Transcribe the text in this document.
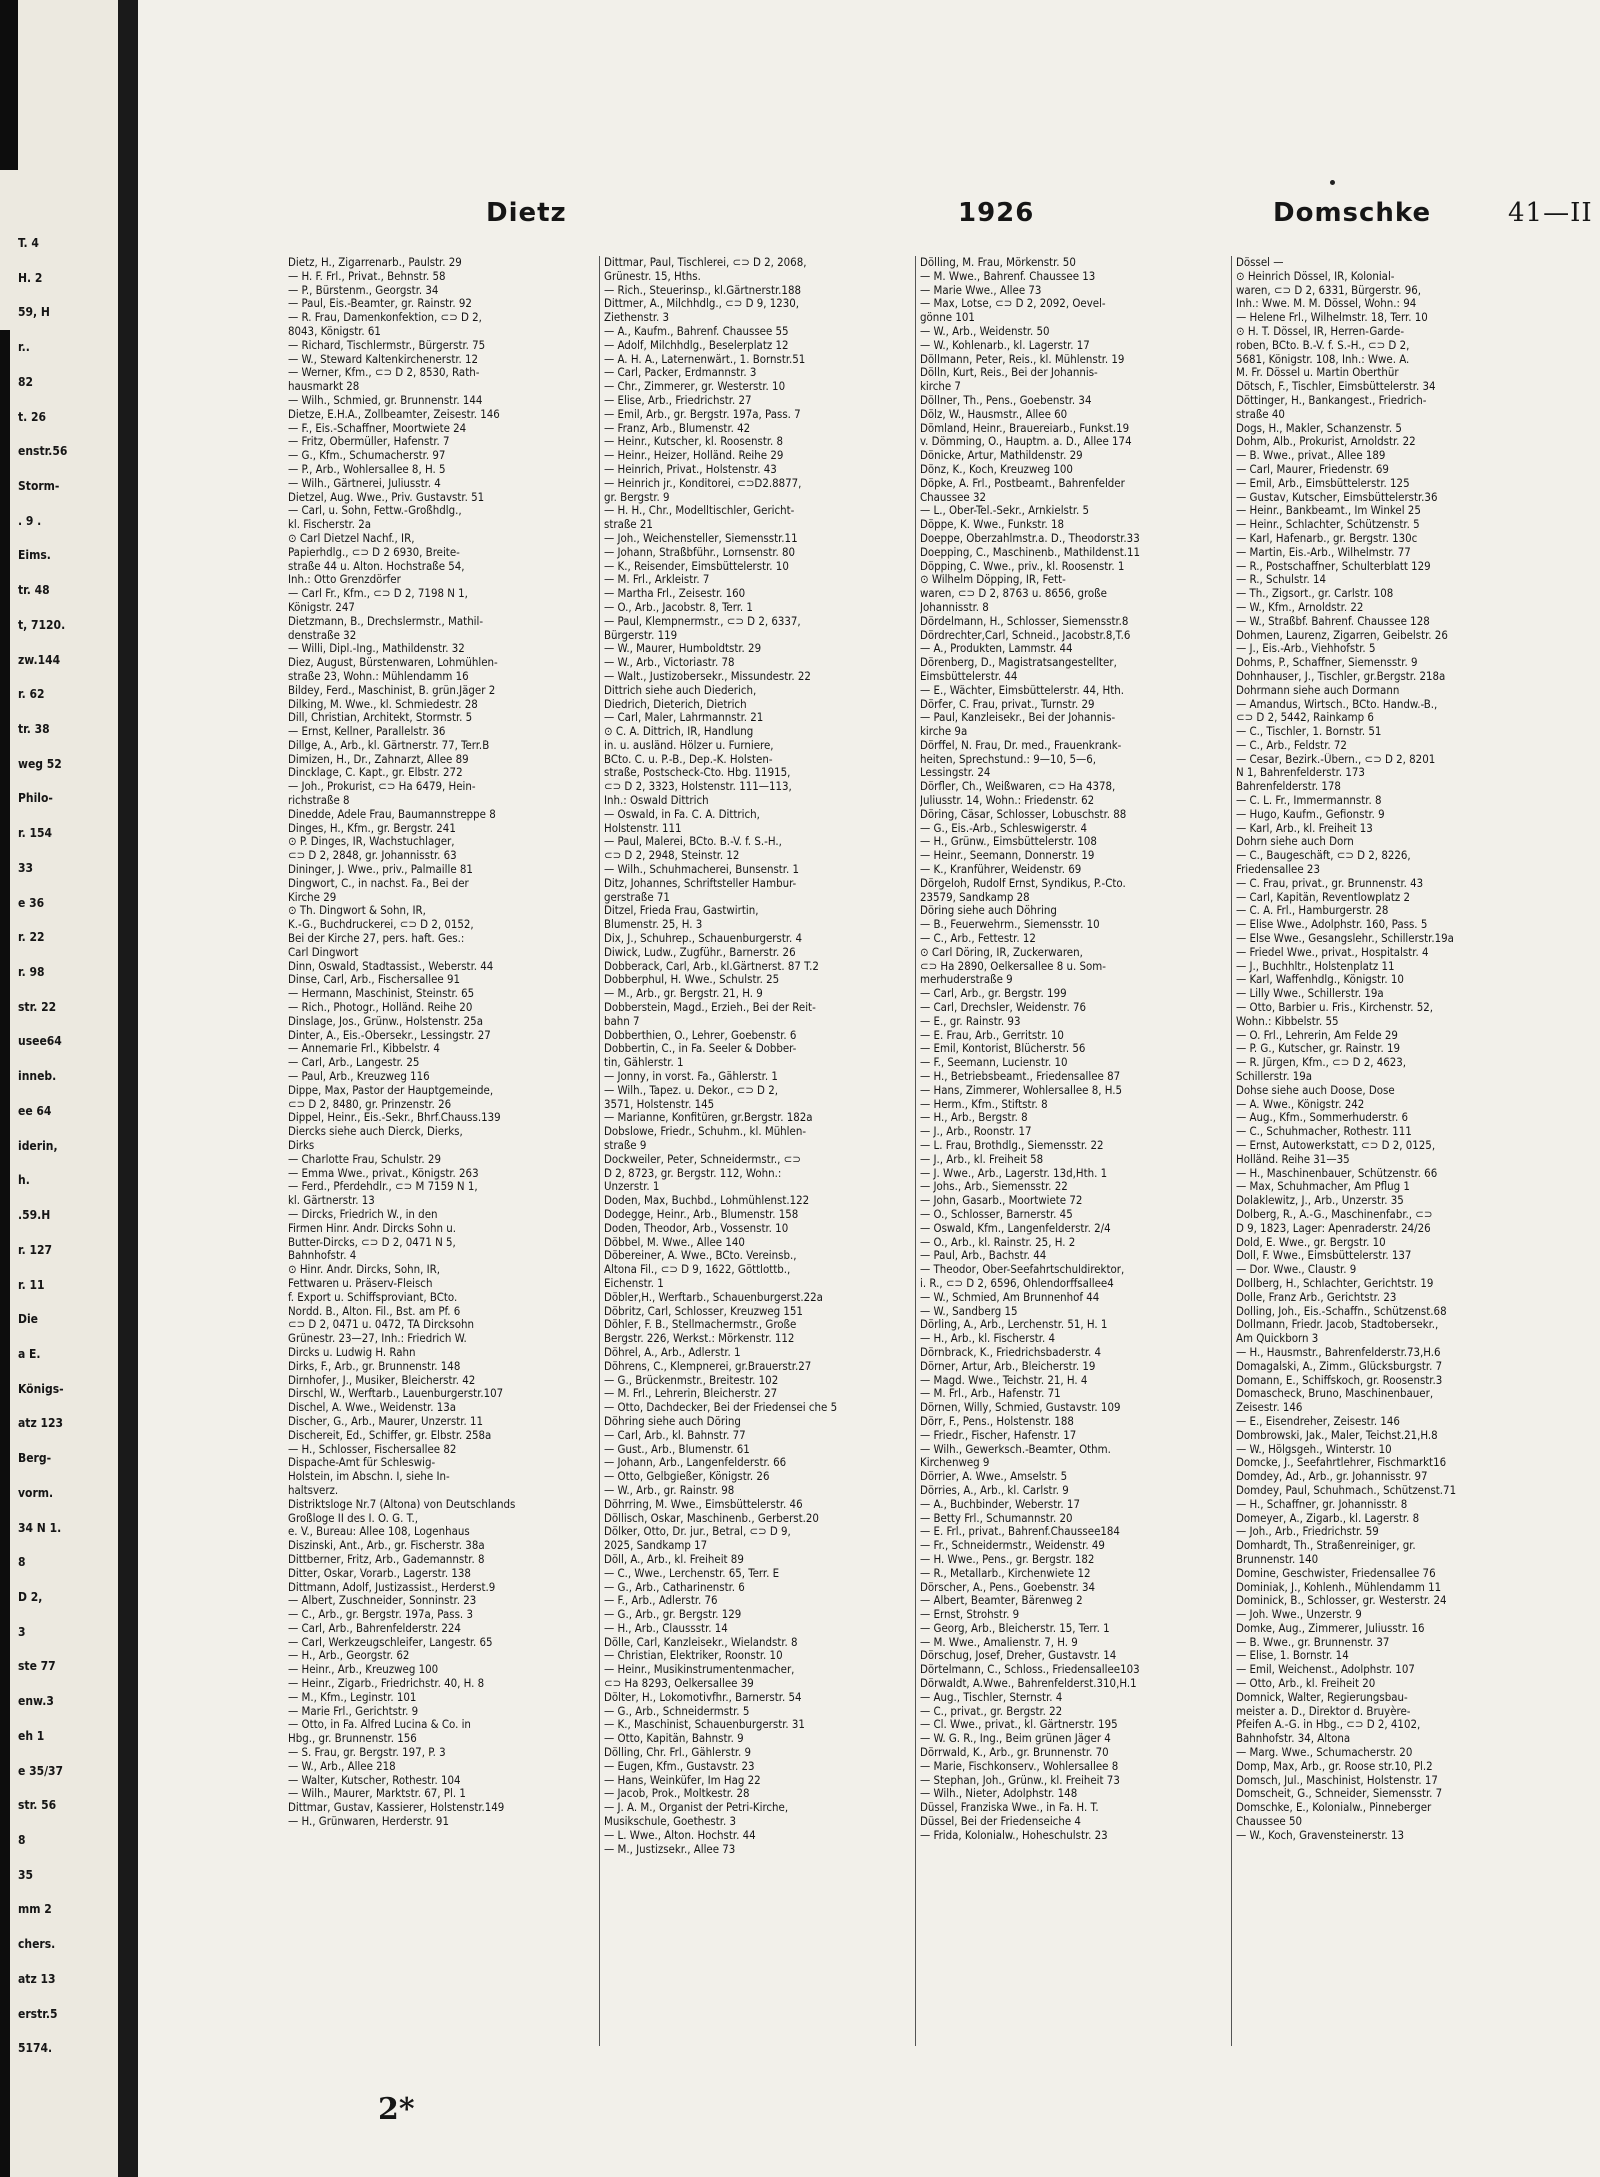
T. 4
H. 2
59, H
r..
82
t. 26
enstr.56
Storm-
. 9 .
Eims.
tr. 48
t, 7120.
zw.144
r. 62
tr. 38
weg 52
Philo-
r. 154
33
e 36
r. 22
r. 98
str. 22
usee64
inneb.
ee 64
iderin,
h.
.59.H
r. 127
r. 11
Die
a E.
Königs-
atz 123
Berg-
vorm.
34 N 1.
8
D 2,
3
ste 77
enw.3
eh 1
e 35/37
str. 56
8
35
mm 2
chers.
atz 13
erstr.5
5174.
Dietz	1926	Domschke	41—II
Dietz, H., Zigarrenarb., Paulstr. 29
— H. F. Frl., Privat., Behnstr. 58
— P., Bürstenm., Georgstr. 34
— Paul, Eis.-Beamter, gr. Rainstr. 92
— R. Frau, Damenkonfektion, ⊂⊃ D 2,
8043, Königstr. 61
— Richard, Tischlermstr., Bürgerstr. 75
— W., Steward Kaltenkirchenerstr. 12
— Werner, Kfm., ⊂⊃ D 2, 8530, Rath-
hausmarkt 28
— Wilh., Schmied, gr. Brunnenstr. 144
Dietze, E.H.A., Zollbeamter, Zeisestr. 146
— F., Eis.-Schaffner, Moortwiete 24
— Fritz, Obermüller, Hafenstr. 7
— G., Kfm., Schumacherstr. 97
— P., Arb., Wohlersallee 8, H. 5
— Wilh., Gärtnerei, Juliusstr. 4
Dietzel, Aug. Wwe., Priv. Gustavstr. 51
— Carl, u. Sohn, Fettw.-Großhdlg.,
kl. Fischerstr. 2a
⊙ Carl Dietzel Nachf., IR,
Papierhdlg., ⊂⊃ D 2 6930, Breite-
straße 44 u. Alton. Hochstraße 54,
Inh.: Otto Grenzdörfer
— Carl Fr., Kfm., ⊂⊃ D 2, 7198 N 1,
Königstr. 247
Dietzmann, B., Drechslermstr., Mathil-
denstraße 32
— Willi, Dipl.-Ing., Mathildenstr. 32
Diez, August, Bürstenwaren, Lohmühlen-
straße 23, Wohn.: Mühlendamm 16
Bildey, Ferd., Maschinist, B. grün.Jäger 2
Dilking, M. Wwe., kl. Schmiedestr. 28
Dill, Christian, Architekt, Stormstr. 5
— Ernst, Kellner, Parallelstr. 36
Dillge, A., Arb., kl. Gärtnerstr. 77, Terr.B
Dimizen, H., Dr., Zahnarzt, Allee 89
Dincklage, C. Kapt., gr. Elbstr. 272
— Joh., Prokurist, ⊂⊃ Ha 6479, Hein-
richstraße 8
Dinedde, Adele Frau, Baumannstreppe 8
Dinges, H., Kfm., gr. Bergstr. 241
⊙ P. Dinges, IR, Wachstuchlager,
⊂⊃ D 2, 2848, gr. Johannisstr. 63
Dininger, J. Wwe., priv., Palmaille 81
Dingwort, C., in nachst. Fa., Bei der
Kirche 29
⊙ Th. Dingwort & Sohn, IR,
K.-G., Buchdruckerei, ⊂⊃ D 2, 0152,
Bei der Kirche 27, pers. haft. Ges.:
Carl Dingwort
Dinn, Oswald, Stadtassist., Weberstr. 44
Dinse, Carl, Arb., Fischersallee 91
— Hermann, Maschinist, Steinstr. 65
— Rich., Photogr., Holländ. Reihe 20
Dinslage, Jos., Grünw., Holstenstr. 25a
Dinter, A., Eis.-Obersekr., Lessingstr. 27
— Annemarie Frl., Kibbelstr. 4
— Carl, Arb., Langestr. 25
— Paul, Arb., Kreuzweg 116
Dippe, Max, Pastor der Hauptgemeinde,
⊂⊃ D 2, 8480, gr. Prinzenstr. 26
Dippel, Heinr., Eis.-Sekr., Bhrf.Chauss.139
Diercks siehe auch Dierck, Dierks,
Dirks
— Charlotte Frau, Schulstr. 29
— Emma Wwe., privat., Königstr. 263
— Ferd., Pferdehdlr., ⊂⊃ M 7159 N 1,
kl. Gärtnerstr. 13
— Dircks, Friedrich W., in den
Firmen Hinr. Andr. Dircks Sohn u.
Butter-Dircks, ⊂⊃ D 2, 0471 N 5,
Bahnhofstr. 4
⊙ Hinr. Andr. Dircks, Sohn, IR,
Fettwaren u. Präserv-Fleisch
f. Export u. Schiffsproviant, BCto.
Nordd. B., Alton. Fil., Bst. am Pf. 6
⊂⊃ D 2, 0471 u. 0472, TA Dircksohn
Grünestr. 23—27, Inh.: Friedrich W.
Dircks u. Ludwig H. Rahn
Dirks, F., Arb., gr. Brunnenstr. 148
Dirnhofer, J., Musiker, Bleicherstr. 42
Dirschl, W., Werftarb., Lauenburgerstr.107
Dischel, A. Wwe., Weidenstr. 13a
Discher, G., Arb., Maurer, Unzerstr. 11
Dischereit, Ed., Schiffer, gr. Elbstr. 258a
— H., Schlosser, Fischersallee 82
Dispache-Amt für Schleswig-
Holstein, im Abschn. I, siehe In-
haltsverz.
Distriktsloge Nr.7 (Altona) von Deutschlands
Großloge II des I. O. G. T.,
e. V., Bureau: Allee 108, Logenhaus
Diszinski, Ant., Arb., gr. Fischerstr. 38a
Dittberner, Fritz, Arb., Gademannstr. 8
Ditter, Oskar, Vorarb., Lagerstr. 138
Dittmann, Adolf, Justizassist., Herderst.9
— Albert, Zuschneider, Sonninstr. 23
— C., Arb., gr. Bergstr. 197a, Pass. 3
— Carl, Arb., Bahrenfelderstr. 224
— Carl, Werkzeugschleifer, Langestr. 65
— H., Arb., Georgstr. 62
— Heinr., Arb., Kreuzweg 100
— Heinr., Zigarb., Friedrichstr. 40, H. 8
— M., Kfm., Leginstr. 101
— Marie Frl., Gerichtstr. 9
— Otto, in Fa. Alfred Lucina & Co. in
Hbg., gr. Brunnenstr. 156
— S. Frau, gr. Bergstr. 197, P. 3
— W., Arb., Allee 218
— Walter, Kutscher, Rothestr. 104
— Wilh., Maurer, Marktstr. 67, Pl. 1
Dittmar, Gustav, Kassierer, Holstenstr.149
— H., Grünwaren, Herderstr. 91
Dittmar, Paul, Tischlerei, ⊂⊃ D 2, 2068,
Grünestr. 15, Hths.
— Rich., Steuerinsp., kl.Gärtnerstr.188
Dittmer, A., Milchhdlg., ⊂⊃ D 9, 1230,
Ziethenstr. 3
— A., Kaufm., Bahrenf. Chaussee 55
— Adolf, Milchhdlg., Beselerplatz 12
— A. H. A., Laternenwärt., 1. Bornstr.51
— Carl, Packer, Erdmannstr. 3
— Chr., Zimmerer, gr. Westerstr. 10
— Elise, Arb., Friedrichstr. 27
— Emil, Arb., gr. Bergstr. 197a, Pass. 7
— Franz, Arb., Blumenstr. 42
— Heinr., Kutscher, kl. Roosenstr. 8
— Heinr., Heizer, Holländ. Reihe 29
— Heinrich, Privat., Holstenstr. 43
— Heinrich jr., Konditorei, ⊂⊃D2.8877,
gr. Bergstr. 9
— H. H., Chr., Modelltischler, Gericht-
straße 21
— Joh., Weichensteller, Siemensstr.11
— Johann, Straßbführ., Lornsenstr. 80
— K., Reisender, Eimsbüttelerstr. 10
— M. Frl., Arkleistr. 7
— Martha Frl., Zeisestr. 160
— O., Arb., Jacobstr. 8, Terr. 1
— Paul, Klempnermstr., ⊂⊃ D 2, 6337,
Bürgerstr. 119
— W., Maurer, Humboldtstr. 29
— W., Arb., Victoriastr. 78
— Walt., Justizobersekr., Missundestr. 22
Dittrich siehe auch Diederich,
Diedrich, Dieterich, Dietrich
— Carl, Maler, Lahrmannstr. 21
⊙ C. A. Dittrich, IR, Handlung
in. u. ausländ. Hölzer u. Furniere,
BCto. C. u. P.-B., Dep.-K. Holsten-
straße, Postscheck-Cto. Hbg. 11915,
⊂⊃ D 2, 3323, Holstenstr. 111—113,
Inh.: Oswald Dittrich
— Oswald, in Fa. C. A. Dittrich,
Holstenstr. 111
— Paul, Malerei, BCto. B.-V. f. S.-H.,
⊂⊃ D 2, 2948, Steinstr. 12
— Wilh., Schuhmacherei, Bunsenstr. 1
Ditz, Johannes, Schriftsteller Hambur-
gerstraße 71
Ditzel, Frieda Frau, Gastwirtin,
Blumenstr. 25, H. 3
Dix, J., Schuhrep., Schauenburgerstr. 4
Diwick, Ludw., Zugführ., Barnerstr. 26
Dobberack, Carl, Arb., kl.Gärtnerst. 87 T.2
Dobberphul, H. Wwe., Schulstr. 25
— M., Arb., gr. Bergstr. 21, H. 9
Dobberstein, Magd., Erzieh., Bei der Reit-
bahn 7
Dobberthien, O., Lehrer, Goebenstr. 6
Dobbertin, C., in Fa. Seeler & Dobber-
tin, Gählerstr. 1
— Jonny, in vorst. Fa., Gählerstr. 1
— Wilh., Tapez. u. Dekor., ⊂⊃ D 2,
3571, Holstenstr. 145
— Marianne, Konfitüren, gr.Bergstr. 182a
Dobslowe, Friedr., Schuhm., kl. Mühlen-
straße 9
Dockweiler, Peter, Schneidermstr., ⊂⊃
D 2, 8723, gr. Bergstr. 112, Wohn.:
Unzerstr. 1
Doden, Max, Buchbd., Lohmühlenst.122
Dodegge, Heinr., Arb., Blumenstr. 158
Doden, Theodor, Arb., Vossenstr. 10
Döbbel, M. Wwe., Allee 140
Döbereiner, A. Wwe., BCto. Vereinsb.,
Altona Fil., ⊂⊃ D 9, 1622, Göttlottb.,
Eichenstr. 1
Döbler,H., Werftarb., Schauenburgerst.22a
Döbritz, Carl, Schlosser, Kreuzweg 151
Döhler, F. B., Stellmachermstr., Große
Bergstr. 226, Werkst.: Mörkenstr. 112
Döhrel, A., Arb., Adlerstr. 1
Döhrens, C., Klempnerei, gr.Brauerstr.27
— G., Brückenmstr., Breitestr. 102
— M. Frl., Lehrerin, Bleicherstr. 27
— Otto, Dachdecker, Bei der Friedensei che 5
Döhring siehe auch Döring
— Carl, Arb., kl. Bahnstr. 77
— Gust., Arb., Blumenstr. 61
— Johann, Arb., Langenfelderstr. 66
— Otto, Gelbgießer, Königstr. 26
— W., Arb., gr. Rainstr. 98
Döhrring, M. Wwe., Eimsbüttelerstr. 46
Döllisch, Oskar, Maschinenb., Gerberst.20
Dölker, Otto, Dr. jur., Betral, ⊂⊃ D 9,
2025, Sandkamp 17
Döll, A., Arb., kl. Freiheit 89
— C., Wwe., Lerchenstr. 65, Terr. E
— G., Arb., Catharinenstr. 6
— F., Arb., Adlerstr. 76
— G., Arb., gr. Bergstr. 129
— H., Arb., Claussstr. 14
Dölle, Carl, Kanzleisekr., Wielandstr. 8
— Christian, Elektriker, Roonstr. 10
— Heinr., Musikinstrumentenmacher,
⊂⊃ Ha 8293, Oelkersallee 39
Dölter, H., Lokomotivfhr., Barnerstr. 54
— G., Arb., Schneidermstr. 5
— K., Maschinist, Schauenburgerstr. 31
— Otto, Kapitän, Bahnstr. 9
Dölling, Chr. Frl., Gählerstr. 9
— Eugen, Kfm., Gustavstr. 23
— Hans, Weinküfer, Im Hag 22
— Jacob, Prok., Moltkestr. 28
— J. A. M., Organist der Petri-Kirche,
Musikschule, Goethestr. 3
— L. Wwe., Alton. Hochstr. 44
— M., Justizsekr., Allee 73
Dölling, M. Frau, Mörkenstr. 50
— M. Wwe., Bahrenf. Chaussee 13
— Marie Wwe., Allee 73
— Max, Lotse, ⊂⊃ D 2, 2092, Oevel-
gönne 101
— W., Arb., Weidenstr. 50
— W., Kohlenarb., kl. Lagerstr. 17
Döllmann, Peter, Reis., kl. Mühlenstr. 19
Dölln, Kurt, Reis., Bei der Johannis-
kirche 7
Döllner, Th., Pens., Goebenstr. 34
Dölz, W., Hausmstr., Allee 60
Dömland, Heinr., Brauereiarb., Funkst.19
v. Dömming, O., Hauptm. a. D., Allee 174
Dönicke, Artur, Mathildenstr. 29
Dönz, K., Koch, Kreuzweg 100
Döpke, A. Frl., Postbeamt., Bahrenfelder
Chaussee 32
— L., Ober-Tel.-Sekr., Arnkielstr. 5
Döppe, K. Wwe., Funkstr. 18
Doeppe, Oberzahlmstr.a. D., Theodorstr.33
Doepping, C., Maschinenb., Mathildenst.11
Döpping, C. Wwe., priv., kl. Roosenstr. 1
⊙ Wilhelm Döpping, IR, Fett-
waren, ⊂⊃ D 2, 8763 u. 8656, große
Johannisstr. 8
Dördelmann, H., Schlosser, Siemensstr.8
Dördrechter,Carl, Schneid., Jacobstr.8,T.6
— A., Produkten, Lammstr. 44
Dörenberg, D., Magistratsangestellter,
Eimsbüttelerstr. 44
— E., Wächter, Eimsbüttelerstr. 44, Hth.
Dörfer, C. Frau, privat., Turnstr. 29
— Paul, Kanzleisekr., Bei der Johannis-
kirche 9a
Dörffel, N. Frau, Dr. med., Frauenkrank-
heiten, Sprechstund.: 9—10, 5—6,
Lessingstr. 24
Dörfler, Ch., Weißwaren, ⊂⊃ Ha 4378,
Juliusstr. 14, Wohn.: Friedenstr. 62
Döring, Cäsar, Schlosser, Lobuschstr. 88
— G., Eis.-Arb., Schleswigerstr. 4
— H., Grünw., Eimsbüttelerstr. 108
— Heinr., Seemann, Donnerstr. 19
— K., Kranführer, Weidenstr. 69
Dörgeloh, Rudolf Ernst, Syndikus, P.-Cto.
23579, Sandkamp 28
Döring siehe auch Döhring
— B., Feuerwehrm., Siemensstr. 10
— C., Arb., Fettestr. 12
⊙ Carl Döring, IR, Zuckerwaren,
⊂⊃ Ha 2890, Oelkersallee 8 u. Som-
merhuderstraße 9
— Carl, Arb., gr. Bergstr. 199
— Carl, Drechsler, Weidenstr. 76
— E., gr. Rainstr. 93
— E. Frau, Arb., Gerritstr. 10
— Emil, Kontorist, Blücherstr. 56
— F., Seemann, Lucienstr. 10
— H., Betriebsbeamt., Friedensallee 87
— Hans, Zimmerer, Wohlersallee 8, H.5
— Herm., Kfm., Stiftstr. 8
— H., Arb., Bergstr. 8
— J., Arb., Roonstr. 17
— L. Frau, Brothdlg., Siemensstr. 22
— J., Arb., kl. Freiheit 58
— J. Wwe., Arb., Lagerstr. 13d,Hth. 1
— Johs., Arb., Siemensstr. 22
— John, Gasarb., Moortwiete 72
— O., Schlosser, Barnerstr. 45
— Oswald, Kfm., Langenfelderstr. 2/4
— O., Arb., kl. Rainstr. 25, H. 2
— Paul, Arb., Bachstr. 44
— Theodor, Ober-Seefahrtschuldirektor,
i. R., ⊂⊃ D 2, 6596, Ohlendorffsallee4
— W., Schmied, Am Brunnenhof 44
— W., Sandberg 15
Dörling, A., Arb., Lerchenstr. 51, H. 1
— H., Arb., kl. Fischerstr. 4
Dörnbrack, K., Friedrichsbaderstr. 4
Dörner, Artur, Arb., Bleicherstr. 19
— Magd. Wwe., Teichstr. 21, H. 4
— M. Frl., Arb., Hafenstr. 71
Dörnen, Willy, Schmied, Gustavstr. 109
Dörr, F., Pens., Holstenstr. 188
— Friedr., Fischer, Hafenstr. 17
— Wilh., Gewerksch.-Beamter, Othm.
Kirchenweg 9
Dörrier, A. Wwe., Amselstr. 5
Dörries, A., Arb., kl. Carlstr. 9
— A., Buchbinder, Weberstr. 17
— Betty Frl., Schumannstr. 20
— E. Frl., privat., Bahrenf.Chaussee184
— Fr., Schneidermstr., Weidenstr. 49
— H. Wwe., Pens., gr. Bergstr. 182
— R., Metallarb., Kirchenwiete 12
Dörscher, A., Pens., Goebenstr. 34
— Albert, Beamter, Bärenweg 2
— Ernst, Strohstr. 9
— Georg, Arb., Bleicherstr. 15, Terr. 1
— M. Wwe., Amalienstr. 7, H. 9
Dörschug, Josef, Dreher, Gustavstr. 14
Dörtelmann, C., Schloss., Friedensallee103
Dörwaldt, A.Wwe., Bahrenfelderst.310,H.1
— Aug., Tischler, Sternstr. 4
— C., privat., gr. Bergstr. 22
— Cl. Wwe., privat., kl. Gärtnerstr. 195
— W. G. R., Ing., Beim grünen Jäger 4
Dörrwald, K., Arb., gr. Brunnenstr. 70
— Marie, Fischkonserv., Wohlersallee 8
— Stephan, Joh., Grünw., kl. Freiheit 73
— Wilh., Nieter, Adolphstr. 148
Düssel, Franziska Wwe., in Fa. H. T.
Düssel, Bei der Friedenseiche 4
— Frida, Kolonialw., Hoheschulstr. 23
Dössel —
⊙ Heinrich Dössel, IR, Kolonial-
waren, ⊂⊃ D 2, 6331, Bürgerstr. 96,
Inh.: Wwe. M. M. Dössel, Wohn.: 94
— Helene Frl., Wilhelmstr. 18, Terr. 10
⊙ H. T. Dössel, IR, Herren-Garde-
roben, BCto. B.-V. f. S.-H., ⊂⊃ D 2,
5681, Königstr. 108, Inh.: Wwe. A.
M. Fr. Dössel u. Martin Oberthür
Dötsch, F., Tischler, Eimsbüttelerstr. 34
Döttinger, H., Bankangest., Friedrich-
straße 40
Dogs, H., Makler, Schanzenstr. 5
Dohm, Alb., Prokurist, Arnoldstr. 22
— B. Wwe., privat., Allee 189
— Carl, Maurer, Friedenstr. 69
— Emil, Arb., Eimsbüttelerstr. 125
— Gustav, Kutscher, Eimsbüttelerstr.36
— Heinr., Bankbeamt., Im Winkel 25
— Heinr., Schlachter, Schützenstr. 5
— Karl, Hafenarb., gr. Bergstr. 130c
— Martin, Eis.-Arb., Wilhelmstr. 77
— R., Postschaffner, Schulterblatt 129
— R., Schulstr. 14
— Th., Zigsort., gr. Carlstr. 108
— W., Kfm., Arnoldstr. 22
— W., Straßbf. Bahrenf. Chaussee 128
Dohmen, Laurenz, Zigarren, Geibelstr. 26
— J., Eis.-Arb., Viehhofstr. 5
Dohms, P., Schaffner, Siemensstr. 9
Dohnhauser, J., Tischler, gr.Bergstr. 218a
Dohrmann siehe auch Dormann
— Amandus, Wirtsch., BCto. Handw.-B.,
⊂⊃ D 2, 5442, Rainkamp 6
— C., Tischler, 1. Bornstr. 51
— C., Arb., Feldstr. 72
— Cesar, Bezirk.-Übern., ⊂⊃ D 2, 8201
N 1, Bahrenfelderstr. 173
Bahrenfelderstr. 178
— C. L. Fr., Immermannstr. 8
— Hugo, Kaufm., Gefionstr. 9
— Karl, Arb., kl. Freiheit 13
Dohrn siehe auch Dorn
— C., Baugeschäft, ⊂⊃ D 2, 8226,
Friedensallee 23
— C. Frau, privat., gr. Brunnenstr. 43
— Carl, Kapitän, Reventlowplatz 2
— C. A. Frl., Hamburgerstr. 28
— Elise Wwe., Adolphstr. 160, Pass. 5
— Else Wwe., Gesangslehr., Schillerstr.19a
— Friedel Wwe., privat., Hospitalstr. 4
— J., Buchhltr., Holstenplatz 11
— Karl, Waffenhdlg., Königstr. 10
— Lilly Wwe., Schillerstr. 19a
— Otto, Barbier u. Fris., Kirchenstr. 52,
Wohn.: Kibbelstr. 55
— O. Frl., Lehrerin, Am Felde 29
— P. G., Kutscher, gr. Rainstr. 19
— R. Jürgen, Kfm., ⊂⊃ D 2, 4623,
Schillerstr. 19a
Dohse siehe auch Doose, Dose
— A. Wwe., Königstr. 242
— Aug., Kfm., Sommerhuderstr. 6
— C., Schuhmacher, Rothestr. 111
— Ernst, Autowerkstatt, ⊂⊃ D 2, 0125,
Holländ. Reihe 31—35
— H., Maschinenbauer, Schützenstr. 66
— Max, Schuhmacher, Am Pflug 1
Dolaklewitz, J., Arb., Unzerstr. 35
Dolberg, R., A.-G., Maschinenfabr., ⊂⊃
D 9, 1823, Lager: Apenraderstr. 24/26
Dold, E. Wwe., gr. Bergstr. 10
Doll, F. Wwe., Eimsbüttelerstr. 137
— Dor. Wwe., Claustr. 9
Dollberg, H., Schlachter, Gerichtstr. 19
Dolle, Franz Arb., Gerichtstr. 23
Dolling, Joh., Eis.-Schaffn., Schützenst.68
Dollmann, Friedr. Jacob, Stadtobersekr.,
Am Quickborn 3
— H., Hausmstr., Bahrenfelderstr.73,H.6
Domagalski, A., Zimm., Glücksburgstr. 7
Domann, E., Schiffskoch, gr. Roosenstr.3
Domascheck, Bruno, Maschinenbauer,
Zeisestr. 146
— E., Eisendreher, Zeisestr. 146
Dombrowski, Jak., Maler, Teichst.21,H.8
— W., Hölgsgeh., Winterstr. 10
Domcke, J., Seefahrtlehrer, Fischmarkt16
Domdey, Ad., Arb., gr. Johannisstr. 97
Domdey, Paul, Schuhmach., Schützenst.71
— H., Schaffner, gr. Johannisstr. 8
Domeyer, A., Zigarb., kl. Lagerstr. 8
— Joh., Arb., Friedrichstr. 59
Domhardt, Th., Straßenreiniger, gr.
Brunnenstr. 140
Domine, Geschwister, Friedensallee 76
Dominiak, J., Kohlenh., Mühlendamm 11
Dominick, B., Schlosser, gr. Westerstr. 24
— Joh. Wwe., Unzerstr. 9
Domke, Aug., Zimmerer, Juliusstr. 16
— B. Wwe., gr. Brunnenstr. 37
— Elise, 1. Bornstr. 14
— Emil, Weichenst., Adolphstr. 107
— Otto, Arb., kl. Freiheit 20
Domnick, Walter, Regierungsbau-
meister a. D., Direktor d. Bruyère-
Pfeifen A.-G. in Hbg., ⊂⊃ D 2, 4102,
Bahnhofstr. 34, Altona
— Marg. Wwe., Schumacherstr. 20
Domp, Max, Arb., gr. Roose str.10, Pl.2
Domsch, Jul., Maschinist, Holstenstr. 17
Domscheit, G., Schneider, Siemensstr. 7
Domschke, E., Kolonialw., Pinneberger
Chaussee 50
— W., Koch, Gravensteinerstr. 13
2*
